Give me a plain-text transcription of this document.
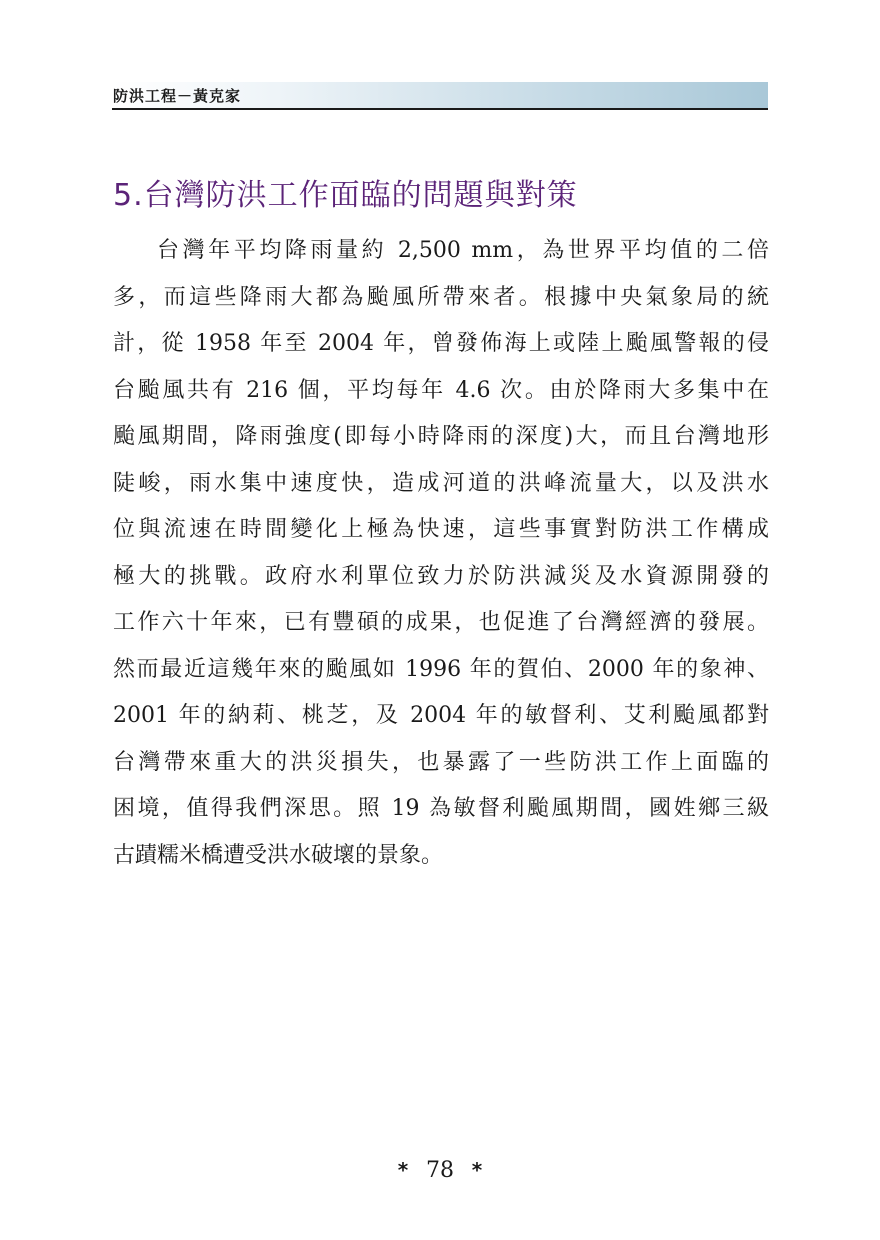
防洪工程－黃克家
5.台灣防洪工作面臨的問題與對策
台灣年平均降雨量約 2,500 mm，為世界平均值的二倍
多，而這些降雨大都為颱風所帶來者。根據中央氣象局的統
計，從 1958 年至 2004 年，曾發佈海上或陸上颱風警報的侵
台颱風共有 216 個，平均每年 4.6 次。由於降雨大多集中在
颱風期間，降雨強度(即每小時降雨的深度)大，而且台灣地形
陡峻，雨水集中速度快，造成河道的洪峰流量大，以及洪水
位與流速在時間變化上極為快速，這些事實對防洪工作構成
極大的挑戰。政府水利單位致力於防洪減災及水資源開發的
工作六十年來，已有豐碩的成果，也促進了台灣經濟的發展。
然而最近這幾年來的颱風如 1996 年的賀伯、2000 年的象神、
2001 年的納莉、桃芝，及 2004 年的敏督利、艾利颱風都對
台灣帶來重大的洪災損失，也暴露了一些防洪工作上面臨的
困境，值得我們深思。照 19 為敏督利颱風期間，國姓鄉三級
古蹟糯米橋遭受洪水破壞的景象。
* 78 *
